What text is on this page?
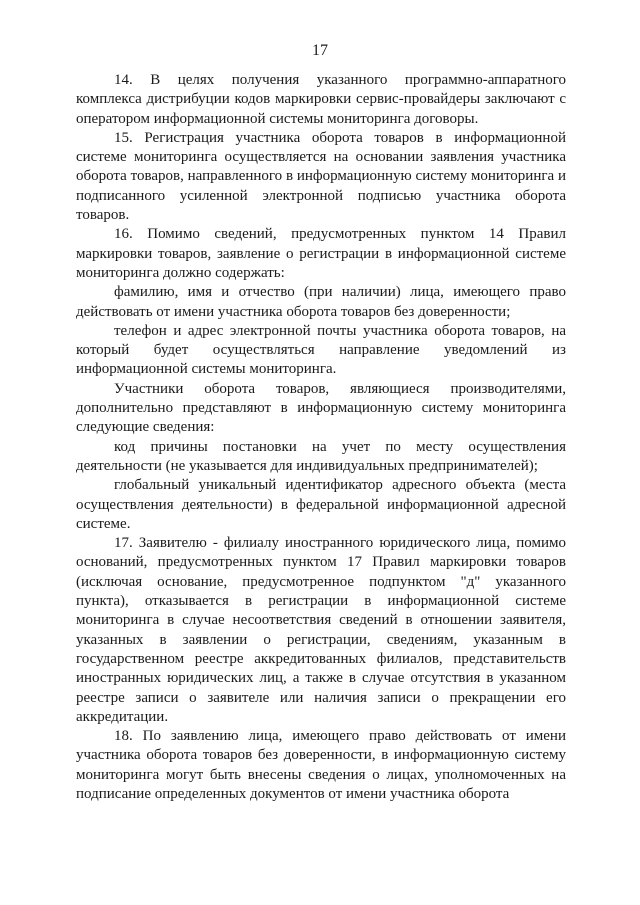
17

14. В целях получения указанного программно-аппаратного комплекса дистрибуции кодов маркировки сервис-провайдеры заключают с оператором информационной системы мониторинга договоры.

15. Регистрация участника оборота товаров в информационной системе мониторинга осуществляется на основании заявления участника оборота товаров, направленного в информационную систему мониторинга и подписанного усиленной электронной подписью участника оборота товаров.

16. Помимо сведений, предусмотренных пунктом 14 Правил маркировки товаров, заявление о регистрации в информационной системе мониторинга должно содержать:

фамилию, имя и отчество (при наличии) лица, имеющего право действовать от имени участника оборота товаров без доверенности;

телефон и адрес электронной почты участника оборота товаров, на который будет осуществляться направление уведомлений из информационной системы мониторинга.

Участники оборота товаров, являющиеся производителями, дополнительно представляют в информационную систему мониторинга следующие сведения:

код причины постановки на учет по месту осуществления деятельности (не указывается для индивидуальных предпринимателей);

глобальный уникальный идентификатор адресного объекта (места осуществления деятельности) в федеральной информационной адресной системе.

17. Заявителю - филиалу иностранного юридического лица, помимо оснований, предусмотренных пунктом 17 Правил маркировки товаров (исключая основание, предусмотренное подпунктом "д" указанного пункта), отказывается в регистрации в информационной системе мониторинга в случае несоответствия сведений в отношении заявителя, указанных в заявлении о регистрации, сведениям, указанным в государственном реестре аккредитованных филиалов, представительств иностранных юридических лиц, а также в случае отсутствия в указанном реестре записи о заявителе или наличия записи о прекращении его аккредитации.

18. По заявлению лица, имеющего право действовать от имени участника оборота товаров без доверенности, в информационную систему мониторинга могут быть внесены сведения о лицах, уполномоченных на подписание определенных документов от имени участника оборота
